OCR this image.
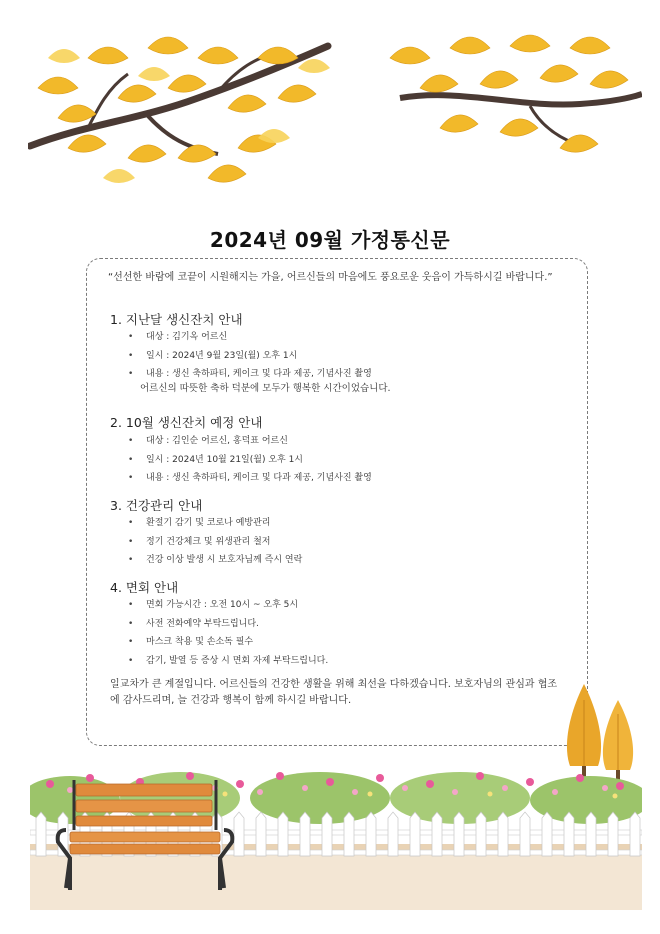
2024년 09월 가정통신문
“선선한 바람에 코끝이 시원해지는 가을, 어르신들의 마음에도 풍요로운 웃음이 가득하시길 바랍니다.”
1. 지난달 생신잔치 안내
• 대상 : 김기옥 어르신
• 일시 : 2024년 9월 23일(월) 오후 1시
• 내용 : 생신 축하파티, 케이크 및 다과 제공, 기념사진 촬영
어르신의 따뜻한 축하 덕분에 모두가 행복한 시간이었습니다.
2. 10월 생신잔치 예정 안내
• 대상 : 김인순 어르신, 홍덕표 어르신
• 일시 : 2024년 10월 21일(월) 오후 1시
• 내용 : 생신 축하파티, 케이크 및 다과 제공, 기념사진 촬영
3. 건강관리 안내
• 환절기 감기 및 코로나 예방관리
• 정기 건강체크 및 위생관리 철저
• 건강 이상 발생 시 보호자님께 즉시 연락
4. 면회 안내
• 면회 가능시간 : 오전 10시 ~ 오후 5시
• 사전 전화예약 부탁드립니다.
• 마스크 착용 및 손소독 필수
• 감기, 발열 등 증상 시 면회 자제 부탁드립니다.
일교차가 큰 계절입니다. 어르신들의 건강한 생활을 위해 최선을 다하겠습니다. 보호자님의 관심과 협조에 감사드리며, 늘 건강과 행복이 함께 하시길 바랍니다.
